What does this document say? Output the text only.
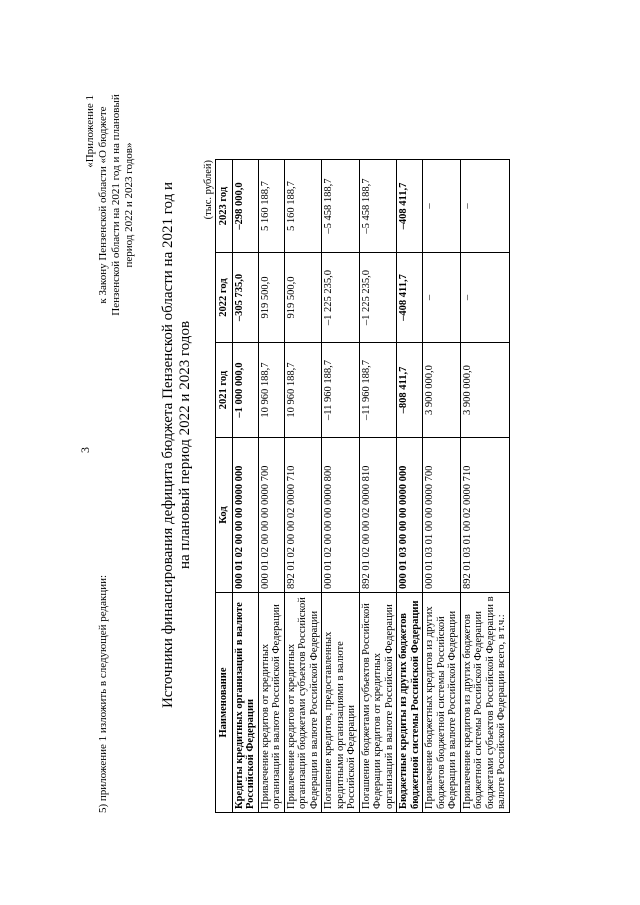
3
5) приложение 1 изложить в следующей редакции:
«Приложение 1 к Закону Пензенской области «О бюджете Пензенской области на 2021 год и на плановый период 2022 и 2023 годов» Источники финансирования дефицита бюджета Пензенской области на 2021 год и на плановый период 2022 и 2023 годов
(тыс. рублей)
Наименование	Код	2021 год	2022 год	2023 год
Кредиты кредитных организаций в валюте Российской Федерации	000 01 02 00 00 00 0000 000	–1 000 000,0	–305 735,0	–298 000,0
Привлечение кредитов от кредитных организаций в валюте Российской Федерации	000 01 02 00 00 00 0000 700	10 960 188,7	919 500,0	5 160 188,7
Привлечение кредитов от кредитных организаций бюджетами субъектов Российской Федерации в валюте Российской Федерации	892 01 02 00 00 02 0000 710	10 960 188,7	919 500,0	5 160 188,7
Погашение кредитов, предоставленных кредитными организациями в валюте Российской Федерации	000 01 02 00 00 00 0000 800	–11 960 188,7	–1 225 235,0	–5 458 188,7
Погашение бюджетами субъектов Российской Федерации кредитов от кредитных организаций в валюте Российской Федерации	892 01 02 00 00 02 0000 810	–11 960 188,7	–1 225 235,0	–5 458 188,7
Бюджетные кредиты из других бюджетов бюджетной системы Российской Федерации	000 01 03 00 00 00 0000 000	–808 411,7	–408 411,7	–408 411,7
Привлечение бюджетных кредитов из других бюджетов бюджетной системы Российской Федерации в валюте Российской Федерации	000 01 03 01 00 00 0000 700	3 900 000,0	–	–
Привлечение кредитов из других бюджетов бюджетной системы Российской Федерации бюджетами субъектов Российской Федерации в валюте Российской Федерации всего, в т.ч.:	892 01 03 01 00 02 0000 710	3 900 000,0	–	–
